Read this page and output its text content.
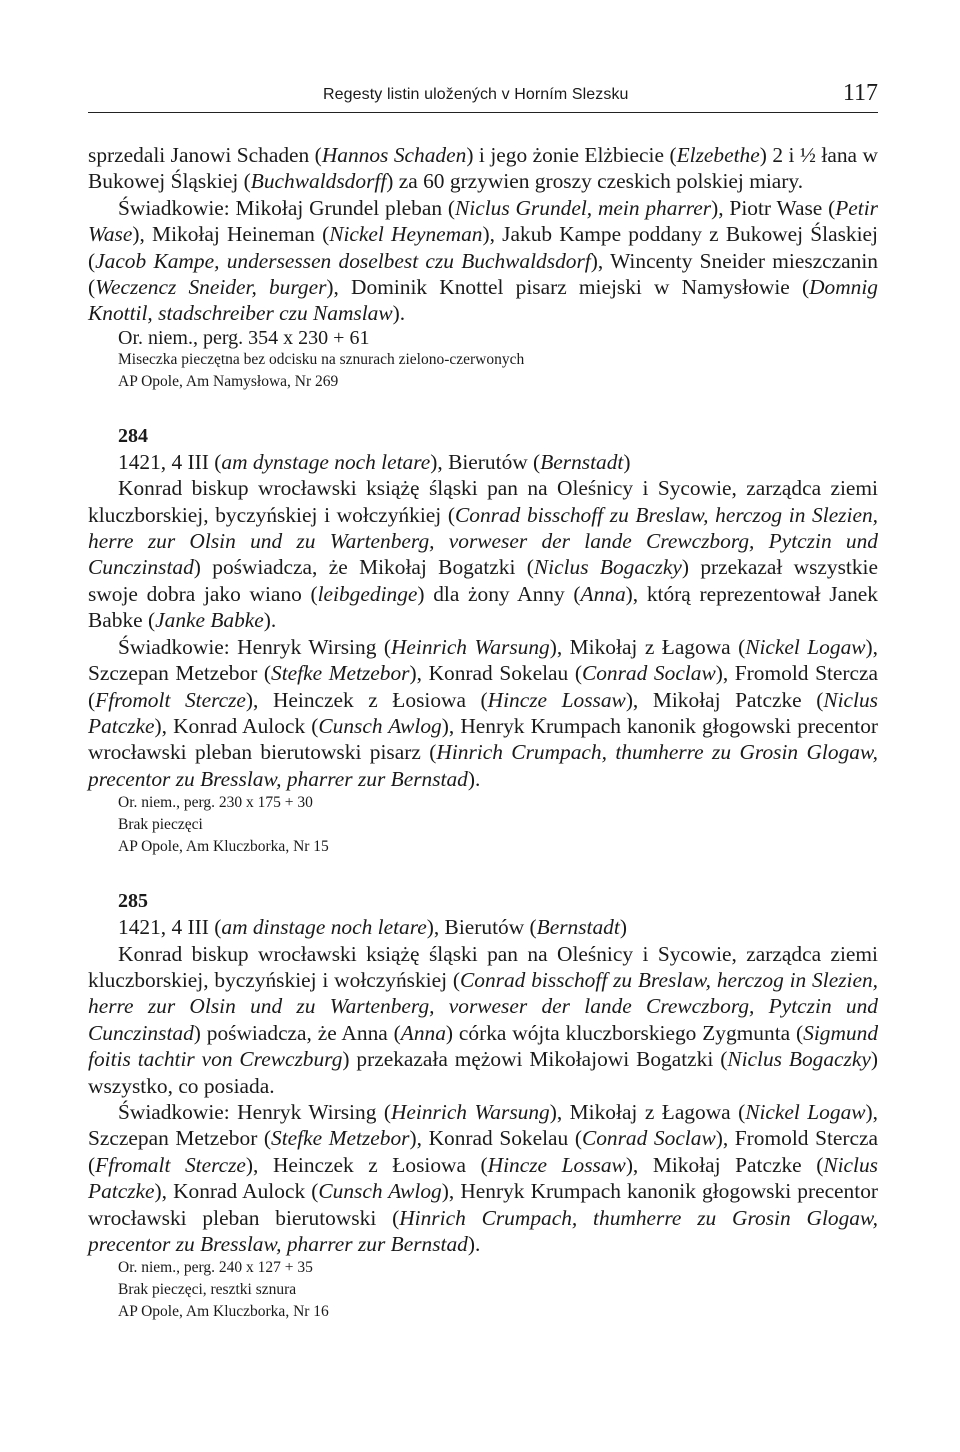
Regesty listin uložených v Horním Slezsku	117

sprzedali Janowi Schaden (Hannos Schaden) i jego żonie Elżbiecie (Elzebethe) 2 i ½ łana w Bukowej Śląskiej (Buchwaldsdorff) za 60 grzywien groszy czeskich polskiej miary.

Świadkowie: Mikołaj Grundel pleban (Niclus Grundel, mein pharrer), Piotr Wase (Petir Wase), Mikołaj Heineman (Nickel Heyneman), Jakub Kampe poddany z Bukowej Ślaskiej (Jacob Kampe, undersessen doselbest czu Buchwaldsdorf), Wincenty Sneider mieszczanin (Weczencz Sneider, burger), Dominik Knottel pisarz miejski w Namysłowie (Domnig Knottil, stadschreiber czu Namslaw).

Or. niem., perg. 354 x 230 + 61
Miseczka pieczętna bez odcisku na sznurach zielono-czerwonych
AP Opole, Am Namysłowa, Nr 269
284

1421, 4 III (am dynstage noch letare), Bierutów (Bernstadt)

Konrad biskup wrocławski książę śląski pan na Oleśnicy i Sycowie, zarządca ziemi kluczborskiej, byczyńskiej i wołczyńkiej (Conrad bisschoff zu Breslaw, herczog in Slezien, herre zur Olsin und zu Wartenberg, vorweser der lande Crewczborg, Pytczin und Cunczinstad) poświadcza, że Mikołaj Bogatzki (Niclus Bogaczky) przekazał wszystkie swoje dobra jako wiano (leibgedinge) dla żony Anny (Anna), którą reprezentował Janek Babke (Janke Babke).

Świadkowie: Henryk Wirsing (Heinrich Warsung), Mikołaj z Łagowa (Nickel Logaw), Szczepan Metzebor (Stefke Metzebor), Konrad Sokelau (Conrad Soclaw), Fromold Stercza (Ffromolt Stercze), Heinczek z Łosiowa (Hincze Lossaw), Mikołaj Patczke (Niclus Patczke), Konrad Aulock (Cunsch Awlog), Henryk Krumpach kanonik głogowski precentor wrocławski pleban bierutowski pisarz (Hinrich Crumpach, thumherre zu Grosin Glogaw, precentor zu Bresslaw, pharrer zur Bernstad).

Or. niem., perg. 230 x 175 + 30
Brak pieczęci
AP Opole, Am Kluczborka, Nr 15
285

1421, 4 III (am dinstage noch letare), Bierutów (Bernstadt)

Konrad biskup wrocławski książę śląski pan na Oleśnicy i Sycowie, zarządca ziemi kluczborskiej, byczyńskiej i wołczyńskiej (Conrad bisschoff zu Breslaw, herczog in Slezien, herre zur Olsin und zu Wartenberg, vorweser der lande Crewczborg, Pytczin und Cunczinstad) poświadcza, że Anna (Anna) córka wójta kluczborskiego Zygmunta (Sigmund foitis tachtir von Crewczburg) przekazała mężowi Mikołajowi Bogatzki (Niclus Bogaczky) wszystko, co posiada.

Świadkowie: Henryk Wirsing (Heinrich Warsung), Mikołaj z Łagowa (Nickel Logaw), Szczepan Metzebor (Stefke Metzebor), Konrad Sokelau (Conrad Soclaw), Fromold Stercza (Ffromalt Stercze), Heinczek z Łosiowa (Hincze Lossaw), Mikołaj Patczke (Niclus Patczke), Konrad Aulock (Cunsch Awlog), Henryk Krumpach kanonik głogowski precentor wrocławski pleban bierutowski (Hinrich Crumpach, thumherre zu Grosin Glogaw, precentor zu Bresslaw, pharrer zur Bernstad).

Or. niem., perg. 240 x 127 + 35
Brak pieczęci, resztki sznura
AP Opole, Am Kluczborka, Nr 16
